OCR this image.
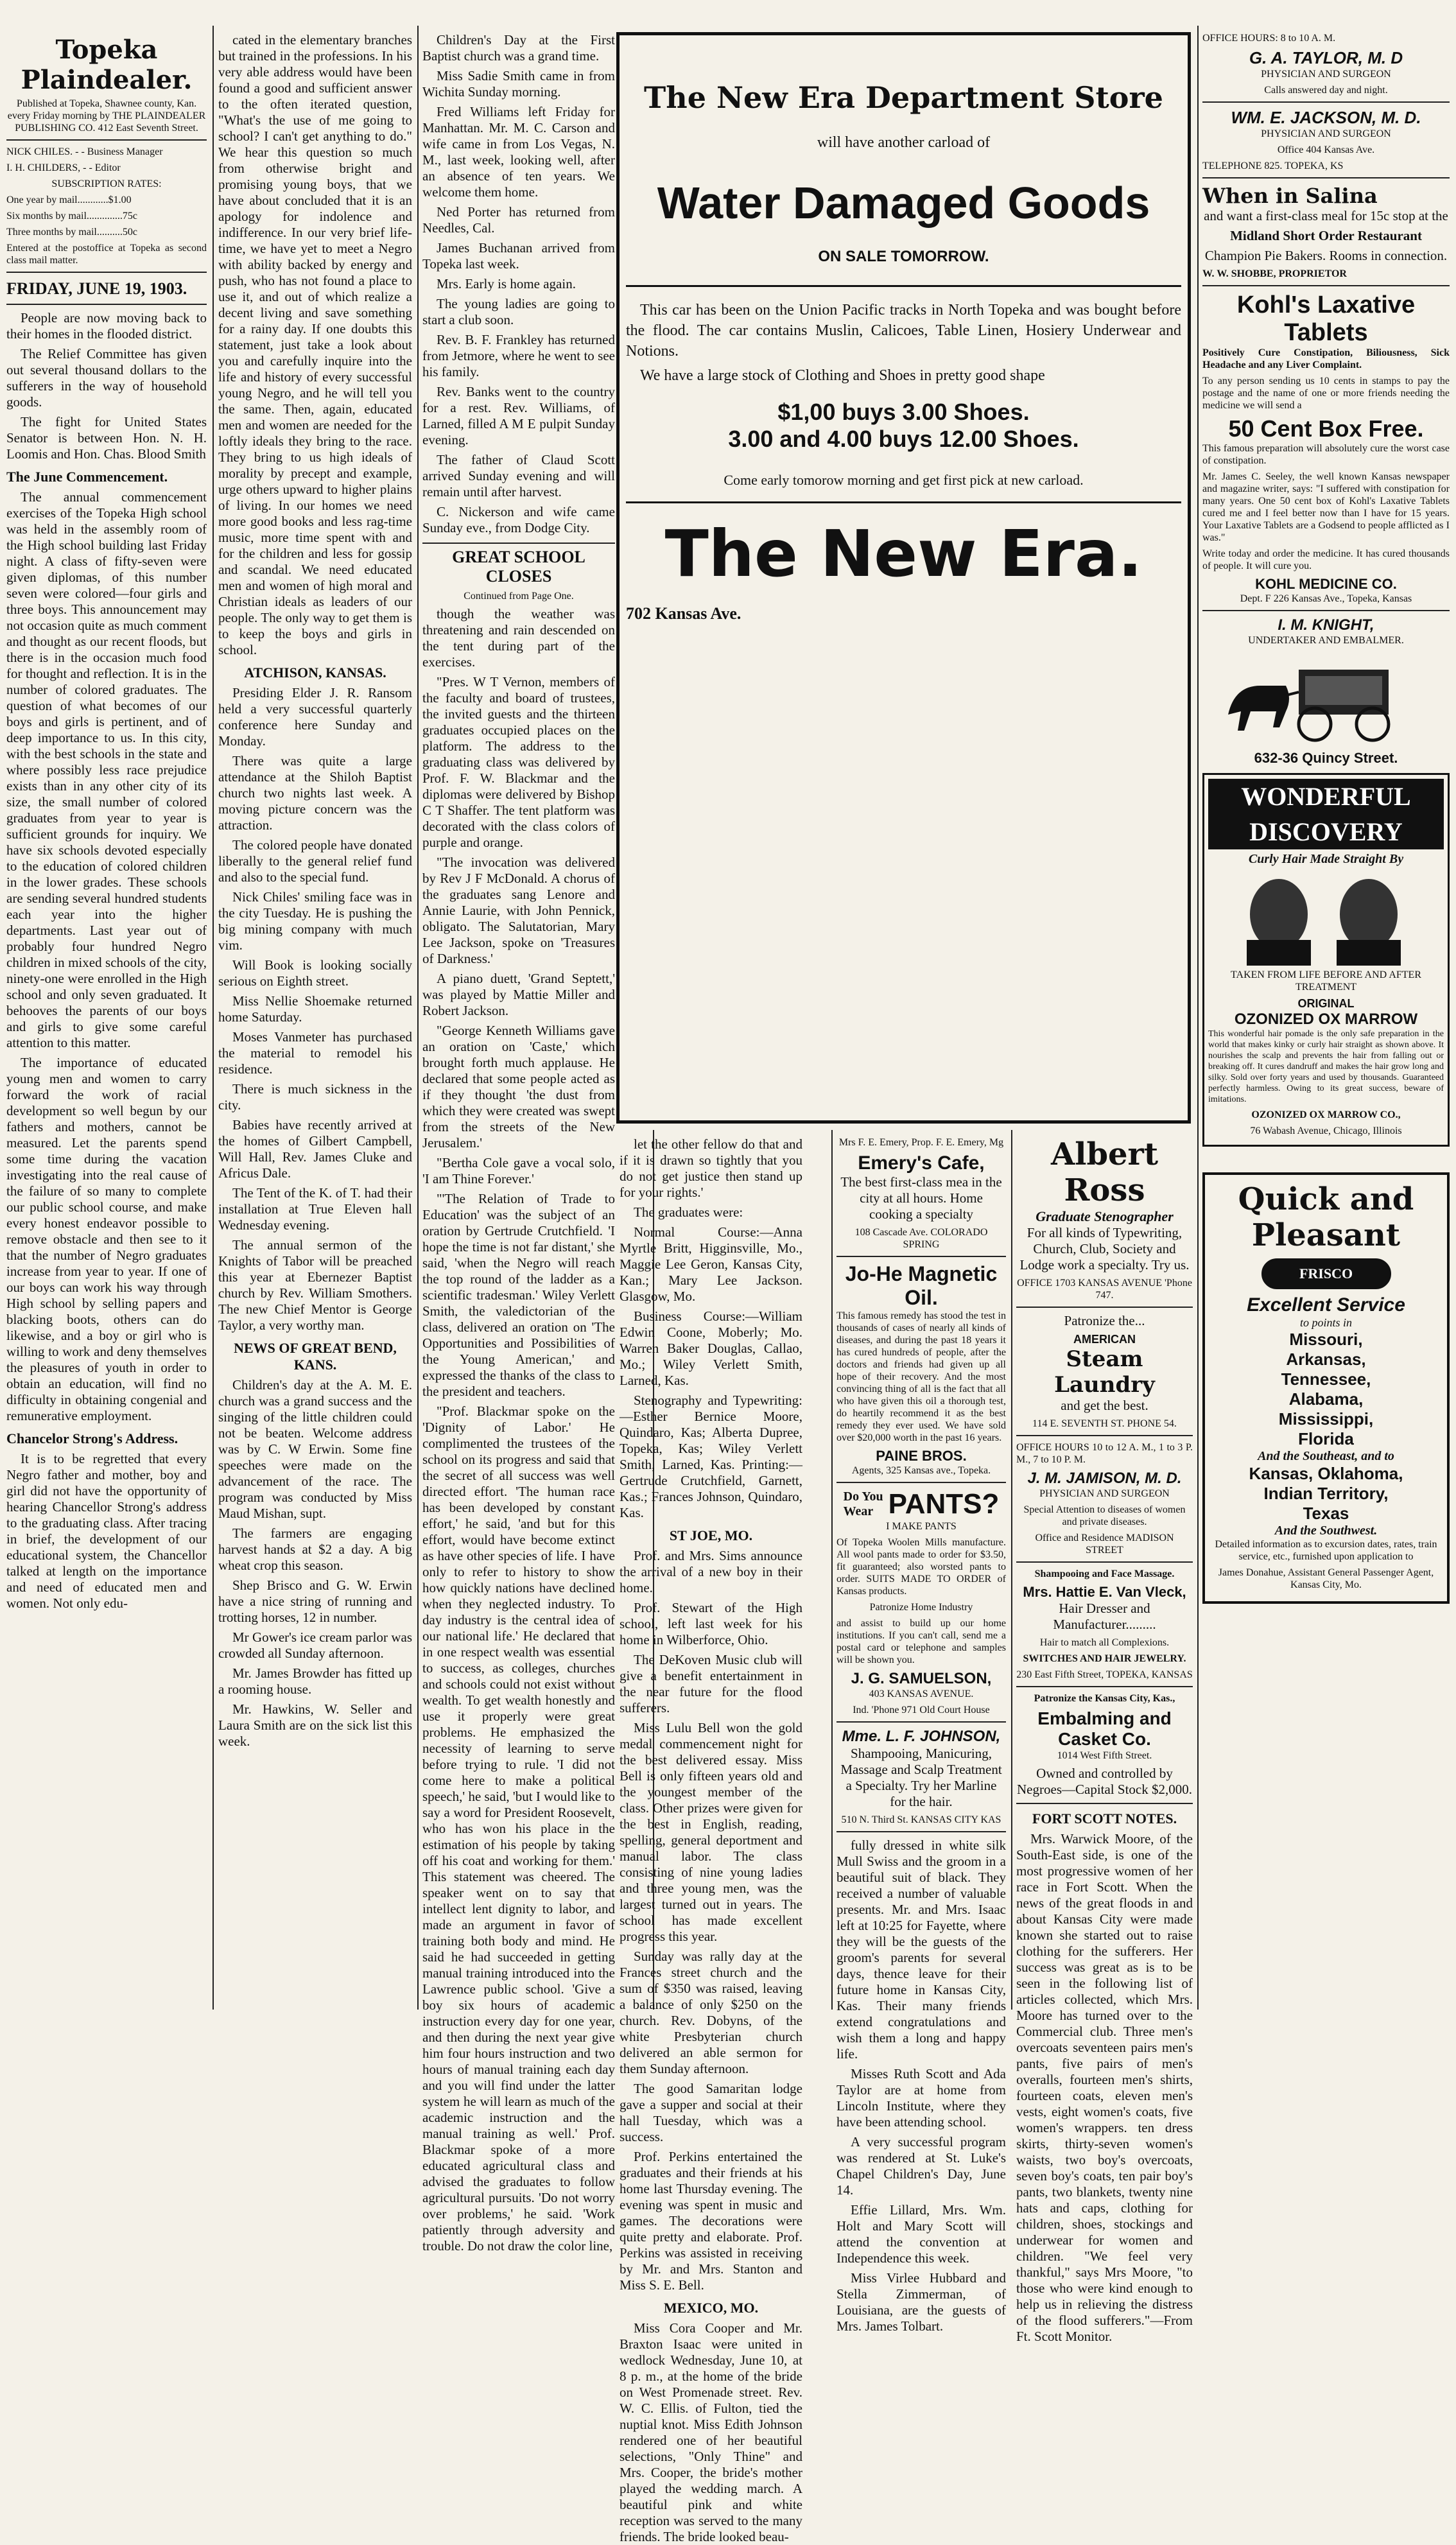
Topeka Plaindealer.

Published at Topeka, Shawnee county, Kan. every Friday morning by THE PLAINDEALER PUBLISHING CO. 412 East Seventh Street.

NICK CHILES. - - Business Manager

I. H. CHILDERS, - - Editor

SUBSCRIPTION RATES:

One year by mail............$1.00

Six months by mail..............75c

Three months by mail..........50c

Entered at the postoffice at Topeka as second class mail matter.

FRIDAY, JUNE 19, 1903.

People are now moving back to their homes in the flooded district.

The Relief Committee has given out several thousand dollars to the sufferers in the way of household goods.

The fight for United States Senator is between Hon. N. H. Loomis and Hon. Chas. Blood Smith

The June Commencement.

The annual commencement exercises of the Topeka High school was held in the assembly room of the High school building last Friday night. A class of fifty-seven were given diplomas, of this number seven were colored—four girls and three boys. This announcement may not occasion quite as much comment and thought as our recent floods, but there is in the occasion much food for thought and reflection. It is in the number of colored graduates. The question of what becomes of our boys and girls is pertinent, and of deep importance to us. In this city, with the best schools in the state and where possibly less race prejudice exists than in any other city of its size, the small number of colored graduates from year to year is sufficient grounds for inquiry. We have six schools devoted especially to the education of colored children in the lower grades. These schools are sending several hundred students each year into the higher departments. Last year out of probably four hundred Negro children in mixed schools of the city, ninety-one were enrolled in the High school and only seven graduated. It behooves the parents of our boys and girls to give some careful attention to this matter.

The importance of educated young men and women to carry forward the work of racial development so well begun by our fathers and mothers, cannot be measured. Let the parents spend some time during the vacation investigating into the real cause of the failure of so many to complete our public school course, and make every honest endeavor possible to remove obstacle and then see to it that the number of Negro graduates increase from year to year. If one of our boys can work his way through High school by selling papers and blacking boots, others can do likewise, and a boy or girl who is willing to work and deny themselves the pleasures of youth in order to obtain an education, will find no difficulty in obtaining congenial and remunerative employment.

Chancelor Strong's Address.

It is to be regretted that every Negro father and mother, boy and girl did not have the opportunity of hearing Chancellor Strong's address to the graduating class. After tracing in brief, the development of our educational system, the Chancellor talked at length on the importance and need of educated men and women. Not only edu-

cated in the elementary branches but trained in the professions. In his very able address would have been found a good and sufficient answer to the often iterated question, "What's the use of me going to school? I can't get anything to do." We hear this question so much from otherwise bright and promising young boys, that we have about concluded that it is an apology for indolence and indifference. In our very brief life-time, we have yet to meet a Negro with ability backed by energy and push, who has not found a place to use it, and out of which realize a decent living and save something for a rainy day. If one doubts this statement, just take a look about you and carefully inquire into the life and history of every successful young Negro, and he will tell you the same. Then, again, educated men and women are needed for the loftly ideals they bring to the race. They bring to us high ideals of morality by precept and example, urge others upward to higher plains of living. In our homes we need more good books and less rag-time music, more time spent with and for the children and less for gossip and scandal. We need educated men and women of high moral and Christian ideals as leaders of our people. The only way to get them is to keep the boys and girls in school.

ATCHISON, KANSAS.

Presiding Elder J. R. Ransom held a very successful quarterly conference here Sunday and Monday.

There was quite a large attendance at the Shiloh Baptist church two nights last week. A moving picture concern was the attraction.

The colored people have donated liberally to the general relief fund and also to the special fund.

Nick Chiles' smiling face was in the city Tuesday. He is pushing the big mining company with much vim.

Will Book is looking socially serious on Eighth street.

Miss Nellie Shoemake returned home Saturday.

Moses Vanmeter has purchased the material to remodel his residence.

There is much sickness in the city.

Babies have recently arrived at the homes of Gilbert Campbell, Will Hall, Rev. James Cluke and Africus Dale.

The Tent of the K. of T. had their installation at True Eleven hall Wednesday evening.

The annual sermon of the Knights of Tabor will be preached this year at Ebernezer Baptist church by Rev. William Smothers. The new Chief Mentor is George Taylor, a very worthy man.

NEWS OF GREAT BEND, KANS.

Children's day at the A. M. E. church was a grand success and the singing of the little children could not be beaten. Welcome address was by C. W Erwin. Some fine speeches were made on the advancement of the race. The program was conducted by Miss Maud Mishan, supt.

The farmers are engaging harvest hands at $2 a day. A big wheat crop this season.

Shep Brisco and G. W. Erwin have a nice string of running and trotting horses, 12 in number.

Mr Gower's ice cream parlor was crowded all Sunday afternoon.

Mr. James Browder has fitted up a rooming house.

Mr. Hawkins, W. Seller and Laura Smith are on the sick list this week.

Children's Day at the First Baptist church was a grand time.

Miss Sadie Smith came in from Wichita Sunday morning.

Fred Williams left Friday for Manhattan. Mr. M. C. Carson and wife came in from Los Vegas, N. M., last week, looking well, after an absence of ten years. We welcome them home.

Ned Porter has returned from Needles, Cal.

James Buchanan arrived from Topeka last week.

Mrs. Early is home again.

The young ladies are going to start a club soon.

Rev. B. F. Frankley has returned from Jetmore, where he went to see his family.

Rev. Banks went to the country for a rest. Rev. Williams, of Larned, filled A M E pulpit Sunday evening.

The father of Claud Scott arrived Sunday evening and will remain until after harvest.

C. Nickerson and wife came Sunday eve., from Dodge City.

GREAT SCHOOL CLOSES

Continued from Page One.

though the weather was threatening and rain descended on the tent during part of the exercises.

"Pres. W T Vernon, members of the faculty and board of trustees, the invited guests and the thirteen graduates occupied places on the platform. The address to the graduating class was delivered by Prof. F. W. Blackmar and the diplomas were delivered by Bishop C T Shaffer. The tent platform was decorated with the class colors of purple and orange.

"The invocation was delivered by Rev J F McDonald. A chorus of the graduates sang Lenore and Annie Laurie, with John Pennick, obligato. The Salutatorian, Mary Lee Jackson, spoke on 'Treasures of Darkness.'

A piano duett, 'Grand Septett,' was played by Mattie Miller and Robert Jackson.

"George Kenneth Williams gave an oration on 'Caste,' which brought forth much applause. He declared that some people acted as if they thought 'the dust from which they were created was swept from the streets of the New Jerusalem.'

"Bertha Cole gave a vocal solo, 'I am Thine Forever.'

"'The Relation of Trade to Education' was the subject of an oration by Gertrude Crutchfield. 'I hope the time is not far distant,' she said, 'when the Negro will reach the top round of the ladder as a scientific tradesman.' Wiley Verlett Smith, the valedictorian of the class, delivered an oration on 'The Opportunities and Possibilities of the Young American,' and expressed the thanks of the class to the president and teachers.

"Prof. Blackmar spoke on the 'Dignity of Labor.' He complimented the trustees of the school on its progress and said that the secret of all success was well directed effort. 'The human race has been developed by constant effort,' he said, 'and but for this effort, would have become extinct as have other species of life. I have only to refer to history to show how quickly nations have declined when they neglected industry. To day industry is the central idea of our national life.' He declared that in one respect wealth was essential to success, as colleges, churches and schools could not exist without wealth. To get wealth honestly and use it properly were great problems. He emphasized the necessity of learning to serve before trying to rule. 'I did not come here to make a political speech,' he said, 'but I would like to say a word for President Roosevelt, who has won his place in the estimation of his people by taking off his coat and working for them.' This statement was cheered. The speaker went on to say that intellect lent dignity to labor, and made an argument in favor of training both body and mind. He said he had succeeded in getting manual training introduced into the Lawrence public school. 'Give a boy six hours of academic instruction every day for one year, and then during the next year give him four hours instruction and two hours of manual training each day and you will find under the latter system he will learn as much of the academic instruction and the manual training as well.' Prof. Blackmar spoke of a more educated agricultural class and advised the graduates to follow agricultural pursuits. 'Do not worry over problems,' he said. 'Work patiently through adversity and trouble. Do not draw the color line,

The New Era Department Store
will have another carload of
Water Damaged Goods
ON SALE TOMORROW.

This car has been on the Union Pacific tracks in North Topeka and was bought before the flood. The car contains Muslin, Calicoes, Table Linen, Hosiery Underwear and Notions.

We have a large stock of Clothing and Shoes in pretty good shape

$1,00 buys 3.00 Shoes.
3.00 and 4.00 buys 12.00 Shoes.
Come early tomorow morning and get first pick at new carload.
The New Era.
702 Kansas Ave.

let the other fellow do that and if it is drawn so tightly that you do not get justice then stand up for your rights.'

The graduates were:

Normal Course:—Anna Myrtle Britt, Higginsville, Mo., Maggie Lee Geron, Kansas City, Kan.; Mary Lee Jackson. Glasgow, Mo.

Business Course:—William Edwin Coone, Moberly; Mo. Warren Baker Douglas, Callao, Mo.; Wiley Verlett Smith, Larned, Kas.

Stenography and Typewriting:—Esther Bernice Moore, Quindaro, Kas; Alberta Dupree, Topeka, Kas; Wiley Verlett Smith, Larned, Kas. Printing:—Gertrude Crutchfield, Garnett, Kas.; Frances Johnson, Quindaro, Kas.

ST JOE, MO.

Prof. and Mrs. Sims announce the arrival of a new boy in their home.

Prof. Stewart of the High school, left last week for his home in Wilberforce, Ohio.

The DeKoven Music club will give a benefit entertainment in the near future for the flood sufferers.

Miss Lulu Bell won the gold medal commencement night for the best delivered essay. Miss Bell is only fifteen years old and the youngest member of the class. Other prizes were given for the best in English, reading, spelling, general deportment and manual labor. The class consisting of nine young ladies and three young men, was the largest turned out in years. The school has made excellent progress this year.

Sunday was rally day at the Frances street church and the sum of $350 was raised, leaving a balance of only $250 on the church. Rev. Dobyns, of the white Presbyterian church delivered an able sermon for them Sunday afternoon.

The good Samaritan lodge gave a supper and social at their hall Tuesday, which was a success.

Prof. Perkins entertained the graduates and their friends at his home last Thursday evening. The evening was spent in music and games. The decorations were quite pretty and elaborate. Prof. Perkins was assisted in receiving by Mr. and Mrs. Stanton and Miss S. E. Bell.

MEXICO, MO.

Miss Cora Cooper and Mr. Braxton Isaac were united in wedlock Wednesday, June 10, at 8 p. m., at the home of the bride on West Promenade street. Rev. W. C. Ellis. of Fulton, tied the nuptial knot. Miss Edith Johnson rendered one of her beautiful selections, "Only Thine" and Mrs. Cooper, the bride's mother played the wedding march. A beautiful pink and white reception was served to the many friends. The bride looked beau-

Mrs F. E. Emery, Prop. F. E. Emery, Mg

Emery's Cafe,

The best first-class mea in the city at all hours. Home cooking a specialty

108 Cascade Ave. COLORADO SPRING

Jo-He Magnetic Oil.

This famous remedy has stood the test in thousands of cases of nearly all kinds of diseases, and during the past 18 years it has cured hundreds of people, after the doctors and friends had given up all hope of their recovery. And the most convincing thing of all is the fact that all who have given this oil a thorough test, do heartily recommend it as the best remedy they ever used. We have sold over $20,000 worth in the past 16 years.

PAINE BROS.

Agents, 325 Kansas ave., Topeka.

Do You Wear PANTS?

I MAKE PANTS

Of Topeka Woolen Mills manufacture. All wool pants made to order for $3.50, fit guaranteed; also worsted pants to order. SUITS MADE TO ORDER of Kansas products.

Patronize Home Industry

and assist to build up our home institutions. If you can't call, send me a postal card or telephone and samples will be shown you.

J. G. SAMUELSON,

403 KANSAS AVENUE.

Ind. 'Phone 971 Old Court House

Mme. L. F. JOHNSON,

Shampooing, Manicuring, Massage and Scalp Treatment a Specialty. Try her Marline for the hair.

510 N. Third St. KANSAS CITY KAS

fully dressed in white silk Mull Swiss and the groom in a beautiful suit of black. They received a number of valuable presents. Mr. and Mrs. Isaac left at 10:25 for Fayette, where they will be the guests of the groom's parents for several days, thence leave for their future home in Kansas City, Kas. Their many friends extend congratulations and wish them a long and happy life.

Misses Ruth Scott and Ada Taylor are at home from Lincoln Institute, where they have been attending school.

A very successful program was rendered at St. Luke's Chapel Children's Day, June 14.

Effie Lillard, Mrs. Wm. Holt and Mary Scott will attend the convention at Independence this week.

Miss Virlee Hubbard and Stella Zimmerman, of Louisiana, are the guests of Mrs. James Tolbart.

Albert Ross
Graduate Stenographer

For all kinds of Typewriting, Church, Club, Society and Lodge work a specialty. Try us.

OFFICE 1703 KANSAS AVENUE 'Phone 747.

Patronize the...

AMERICAN
Steam Laundry

and get the best.

114 E. SEVENTH ST. PHONE 54.

OFFICE HOURS 10 to 12 A. M., 1 to 3 P. M., 7 to 10 P. M.

J. M. JAMISON, M. D.

PHYSICIAN AND SURGEON

Special Attention to diseases of women and private diseases.

Office and Residence MADISON STREET

Shampooing and Face Massage.

Mrs. Hattie E. Van Vleck,

Hair Dresser and Manufacturer.........

Hair to match all Complexions.

SWITCHES AND HAIR JEWELRY.

230 East Fifth Street, TOPEKA, KANSAS

Patronize the Kansas City, Kas.,

Embalming and Casket Co.

1014 West Fifth Street.

Owned and controlled by Negroes—Capital Stock $2,000.

FORT SCOTT NOTES.

Mrs. Warwick Moore, of the South-East side, is one of the most progressive women of her race in Fort Scott. When the news of the great floods in and about Kansas City were made known she started out to raise clothing for the sufferers. Her success was great as is to be seen in the following list of articles collected, which Mrs. Moore has turned over to the Commercial club. Three men's overcoats seventeen pairs men's pants, five pairs of men's overalls, fourteen men's shirts, fourteen coats, eleven men's vests, eight women's coats, five women's wrappers. ten dress skirts, thirty-seven women's waists, two boy's overcoats, seven boy's coats, ten pair boy's pants, two blankets, twenty nine hats and caps, clothing for children, shoes, stockings and underwear for women and children. "We feel very thankful," says Mrs Moore, "to those who were kind enough to help us in relieving the distress of the flood sufferers."—From Ft. Scott Monitor.

OFFICE HOURS: 8 to 10 A. M.

G. A. TAYLOR, M. D

PHYSICIAN AND SURGEON

Calls answered day and night.

WM. E. JACKSON, M. D.

PHYSICIAN AND SURGEON

Office 404 Kansas Ave.

TELEPHONE 825. TOPEKA, KS

When in Salina

and want a first-class meal for 15c stop at the

Midland Short Order Restaurant

Champion Pie Bakers. Rooms in connection.

W. W. SHOBBE, PROPRIETOR

Kohl's Laxative Tablets

Positively Cure Constipation, Biliousness, Sick Headache and any Liver Complaint.

To any person sending us 10 cents in stamps to pay the postage and the name of one or more friends needing the medicine we will send a

50 Cent Box Free.

This famous preparation will absolutely cure the worst case of constipation.

Mr. James C. Seeley, the well known Kansas newspaper and magazine writer, says: "I suffered with constipation for many years. One 50 cent box of Kohl's Laxative Tablets cured me and I feel better now than I have for 15 years. Your Laxative Tablets are a Godsend to people afflicted as I was."

Write today and order the medicine. It has cured thousands of people. It will cure you.

KOHL MEDICINE CO.

Dept. F 226 Kansas Ave., Topeka, Kansas

I. M. KNIGHT,

UNDERTAKER AND EMBALMER.

632-36 Quincy Street.
WONDERFUL
DISCOVERY
Curly Hair Made Straight By

TAKEN FROM LIFE BEFORE AND AFTER TREATMENT

ORIGINAL
OZONIZED OX MARROW

This wonderful hair pomade is the only safe preparation in the world that makes kinky or curly hair straight as shown above. It nourishes the scalp and prevents the hair from falling out or breaking off. It cures dandruff and makes the hair grow long and silky. Sold over forty years and used by thousands. Guaranteed perfectly harmless. Owing to its great success, beware of imitations.

OZONIZED OX MARROW CO.,

76 Wabash Avenue, Chicago, Illinois

Quick and
Pleasant
FRISCO
Excellent Service
to points in
Missouri,
Arkansas,
Tennessee,
Alabama,
Mississippi,
Florida
And the Southeast, and to
Kansas, Oklahoma,
Indian Territory,
Texas
And the Southwest.

Detailed information as to excursion dates, rates, train service, etc., furnished upon application to

James Donahue, Assistant General Passenger Agent, Kansas City, Mo.
